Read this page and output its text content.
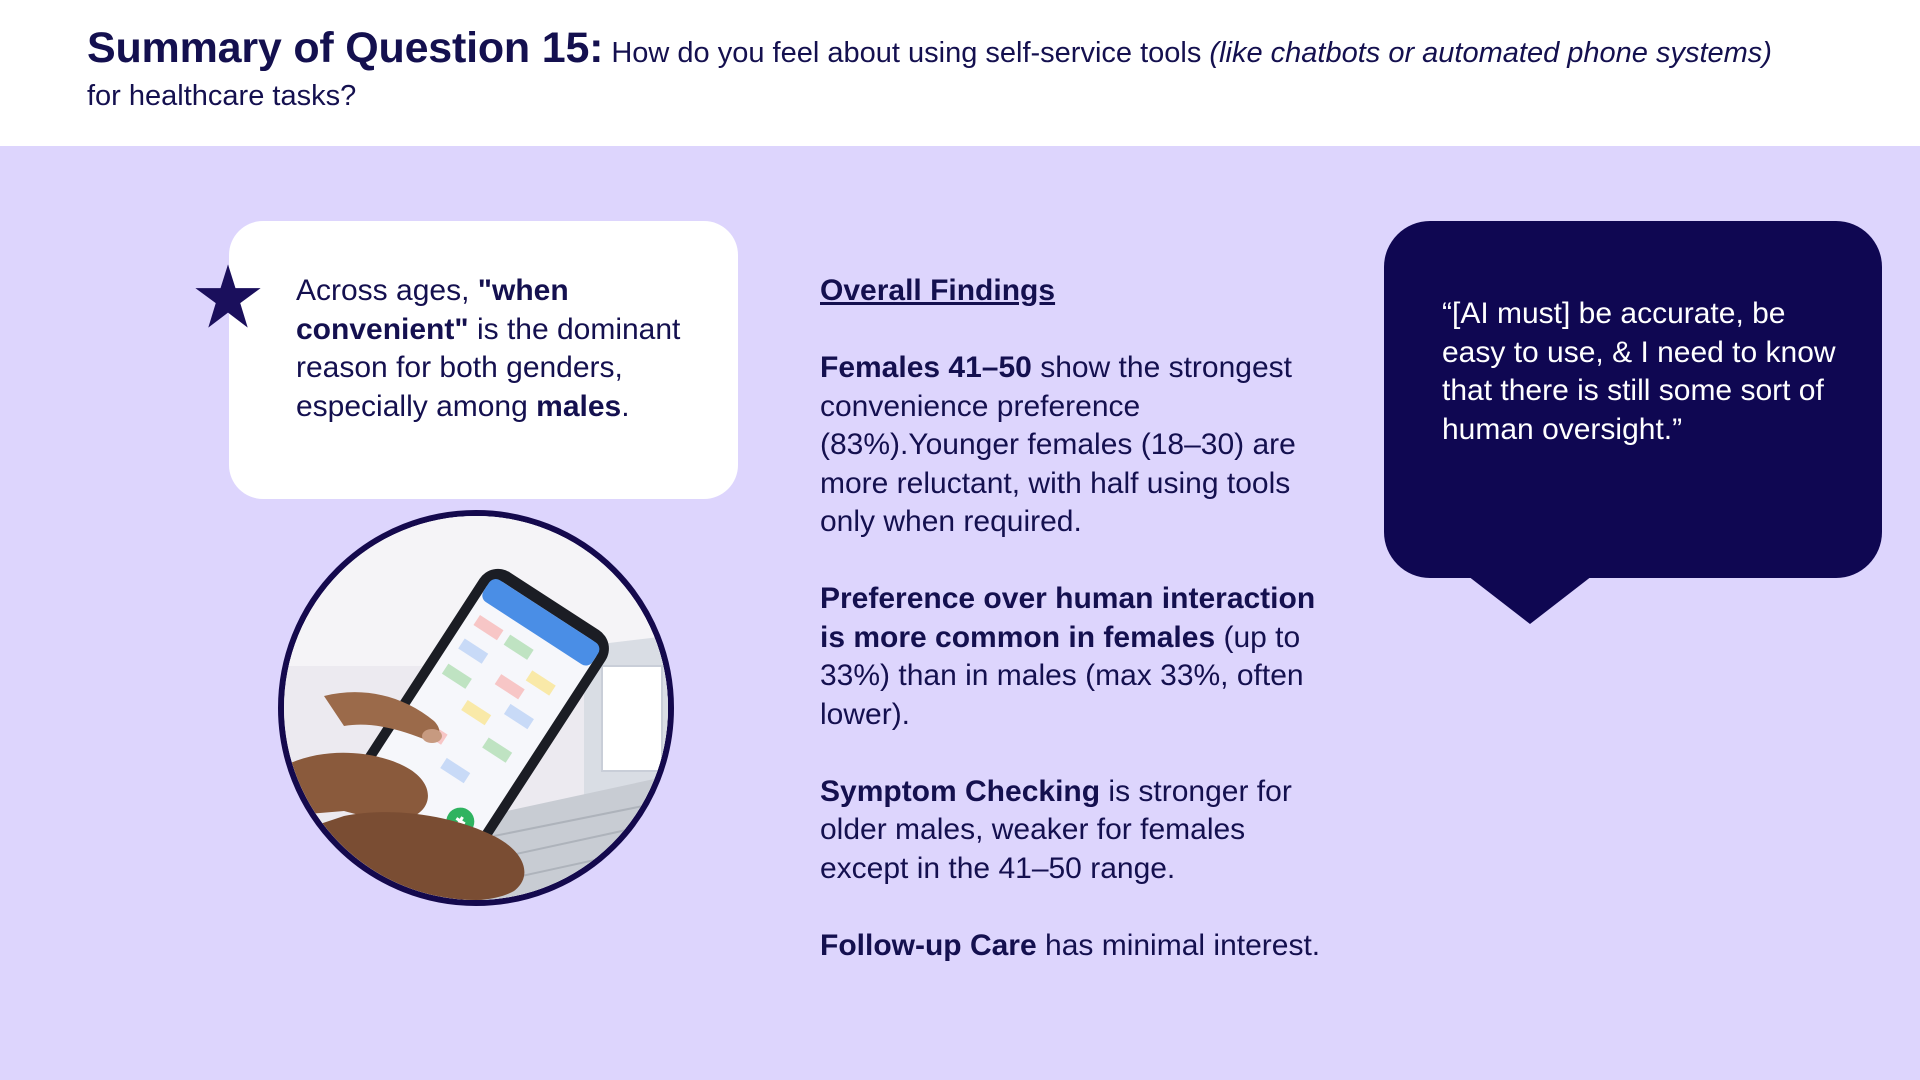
Summary of Question 15: How do you feel about using self-service tools (like chatbots or automated phone systems)
for healthcare tasks?
Across ages, "when convenient" is the dominant reason for both genders, especially among males.

Overall Findings

Females 41–50 show the strongest convenience preference (83%).Younger females (18–30) are more reluctant, with half using tools only when required.

Preference over human interaction is more common in females (up to 33%) than in males (max 33%, often lower).

Symptom Checking is stronger for older males, weaker for females except in the 41–50 range.

Follow-up Care has minimal interest.

“[AI must] be accurate, be easy to use, & I need to know that there is still some sort of human oversight.”
